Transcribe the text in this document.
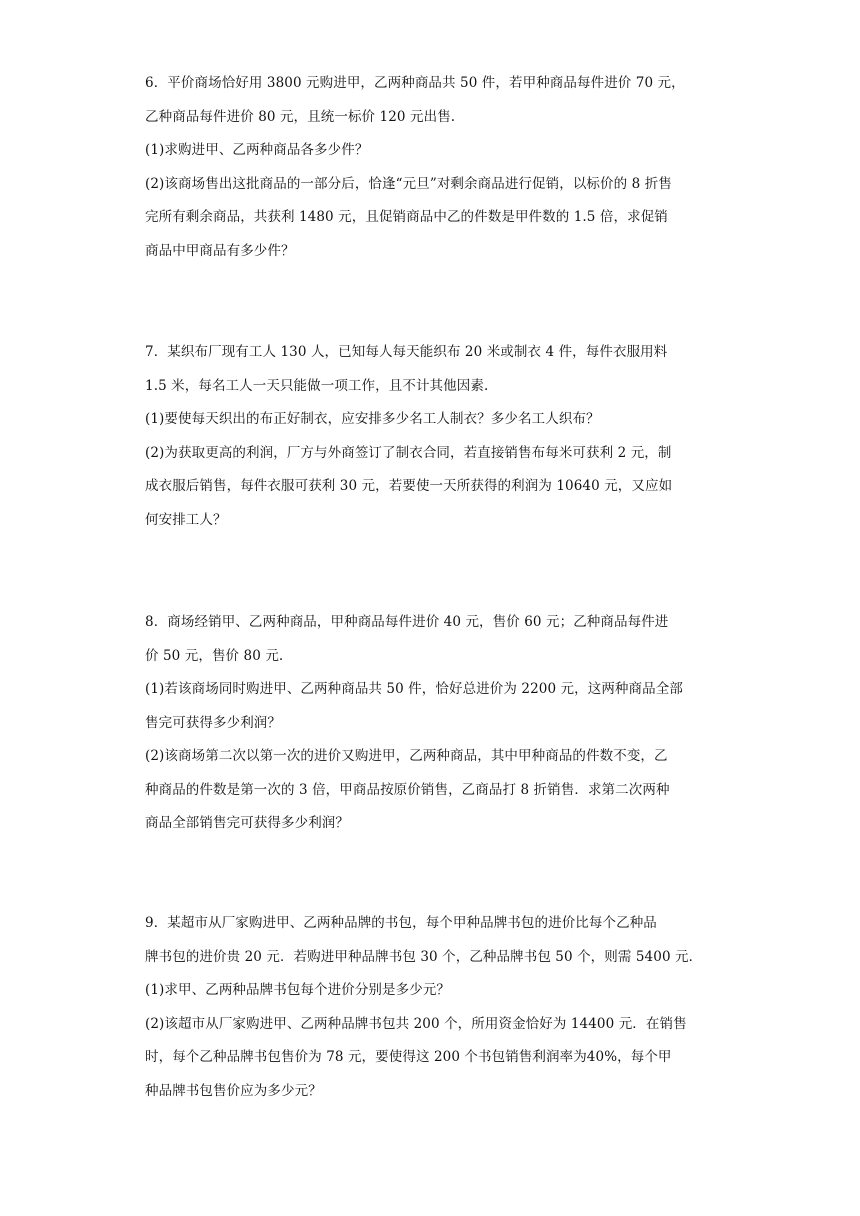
6．平价商场恰好用 3800 元购进甲，乙两种商品共 50 件，若甲种商品每件进价 70 元，
乙种商品每件进价 80 元，且统一标价 120 元出售.
(1)求购进甲、乙两种商品各多少件？
(2)该商场售出这批商品的一部分后，恰逢“元旦”对剩余商品进行促销，以标价的 8 折售
完所有剩余商品，共获利 1480 元，且促销商品中乙的件数是甲件数的 1.5 倍，求促销
商品中甲商品有多少件？
7．某织布厂现有工人 130 人，已知每人每天能织布 20 米或制衣 4 件，每件衣服用料
1.5 米，每名工人一天只能做一项工作，且不计其他因素.
(1)要使每天织出的布正好制衣，应安排多少名工人制衣？多少名工人织布？
(2)为获取更高的利润，厂方与外商签订了制衣合同，若直接销售布每米可获利 2 元，制
成衣服后销售，每件衣服可获利 30 元，若要使一天所获得的利润为 10640 元，又应如
何安排工人？
8．商场经销甲、乙两种商品，甲种商品每件进价 40 元，售价 60 元；乙种商品每件进
价 50 元，售价 80 元.
(1)若该商场同时购进甲、乙两种商品共 50 件，恰好总进价为 2200 元，这两种商品全部
售完可获得多少利润？
(2)该商场第二次以第一次的进价又购进甲，乙两种商品，其中甲种商品的件数不变，乙
种商品的件数是第一次的 3 倍，甲商品按原价销售，乙商品打 8 折销售．求第二次两种
商品全部销售完可获得多少利润？
9．某超市从厂家购进甲、乙两种品牌的书包，每个甲种品牌书包的进价比每个乙种品
牌书包的进价贵 20 元．若购进甲种品牌书包 30 个，乙种品牌书包 50 个，则需 5400 元．
(1)求甲、乙两种品牌书包每个进价分别是多少元？
(2)该超市从厂家购进甲、乙两种品牌书包共 200 个，所用资金恰好为 14400 元．在销售
时，每个乙种品牌书包售价为 78 元，要使得这 200 个书包销售利润率为40%，每个甲
种品牌书包售价应为多少元？
